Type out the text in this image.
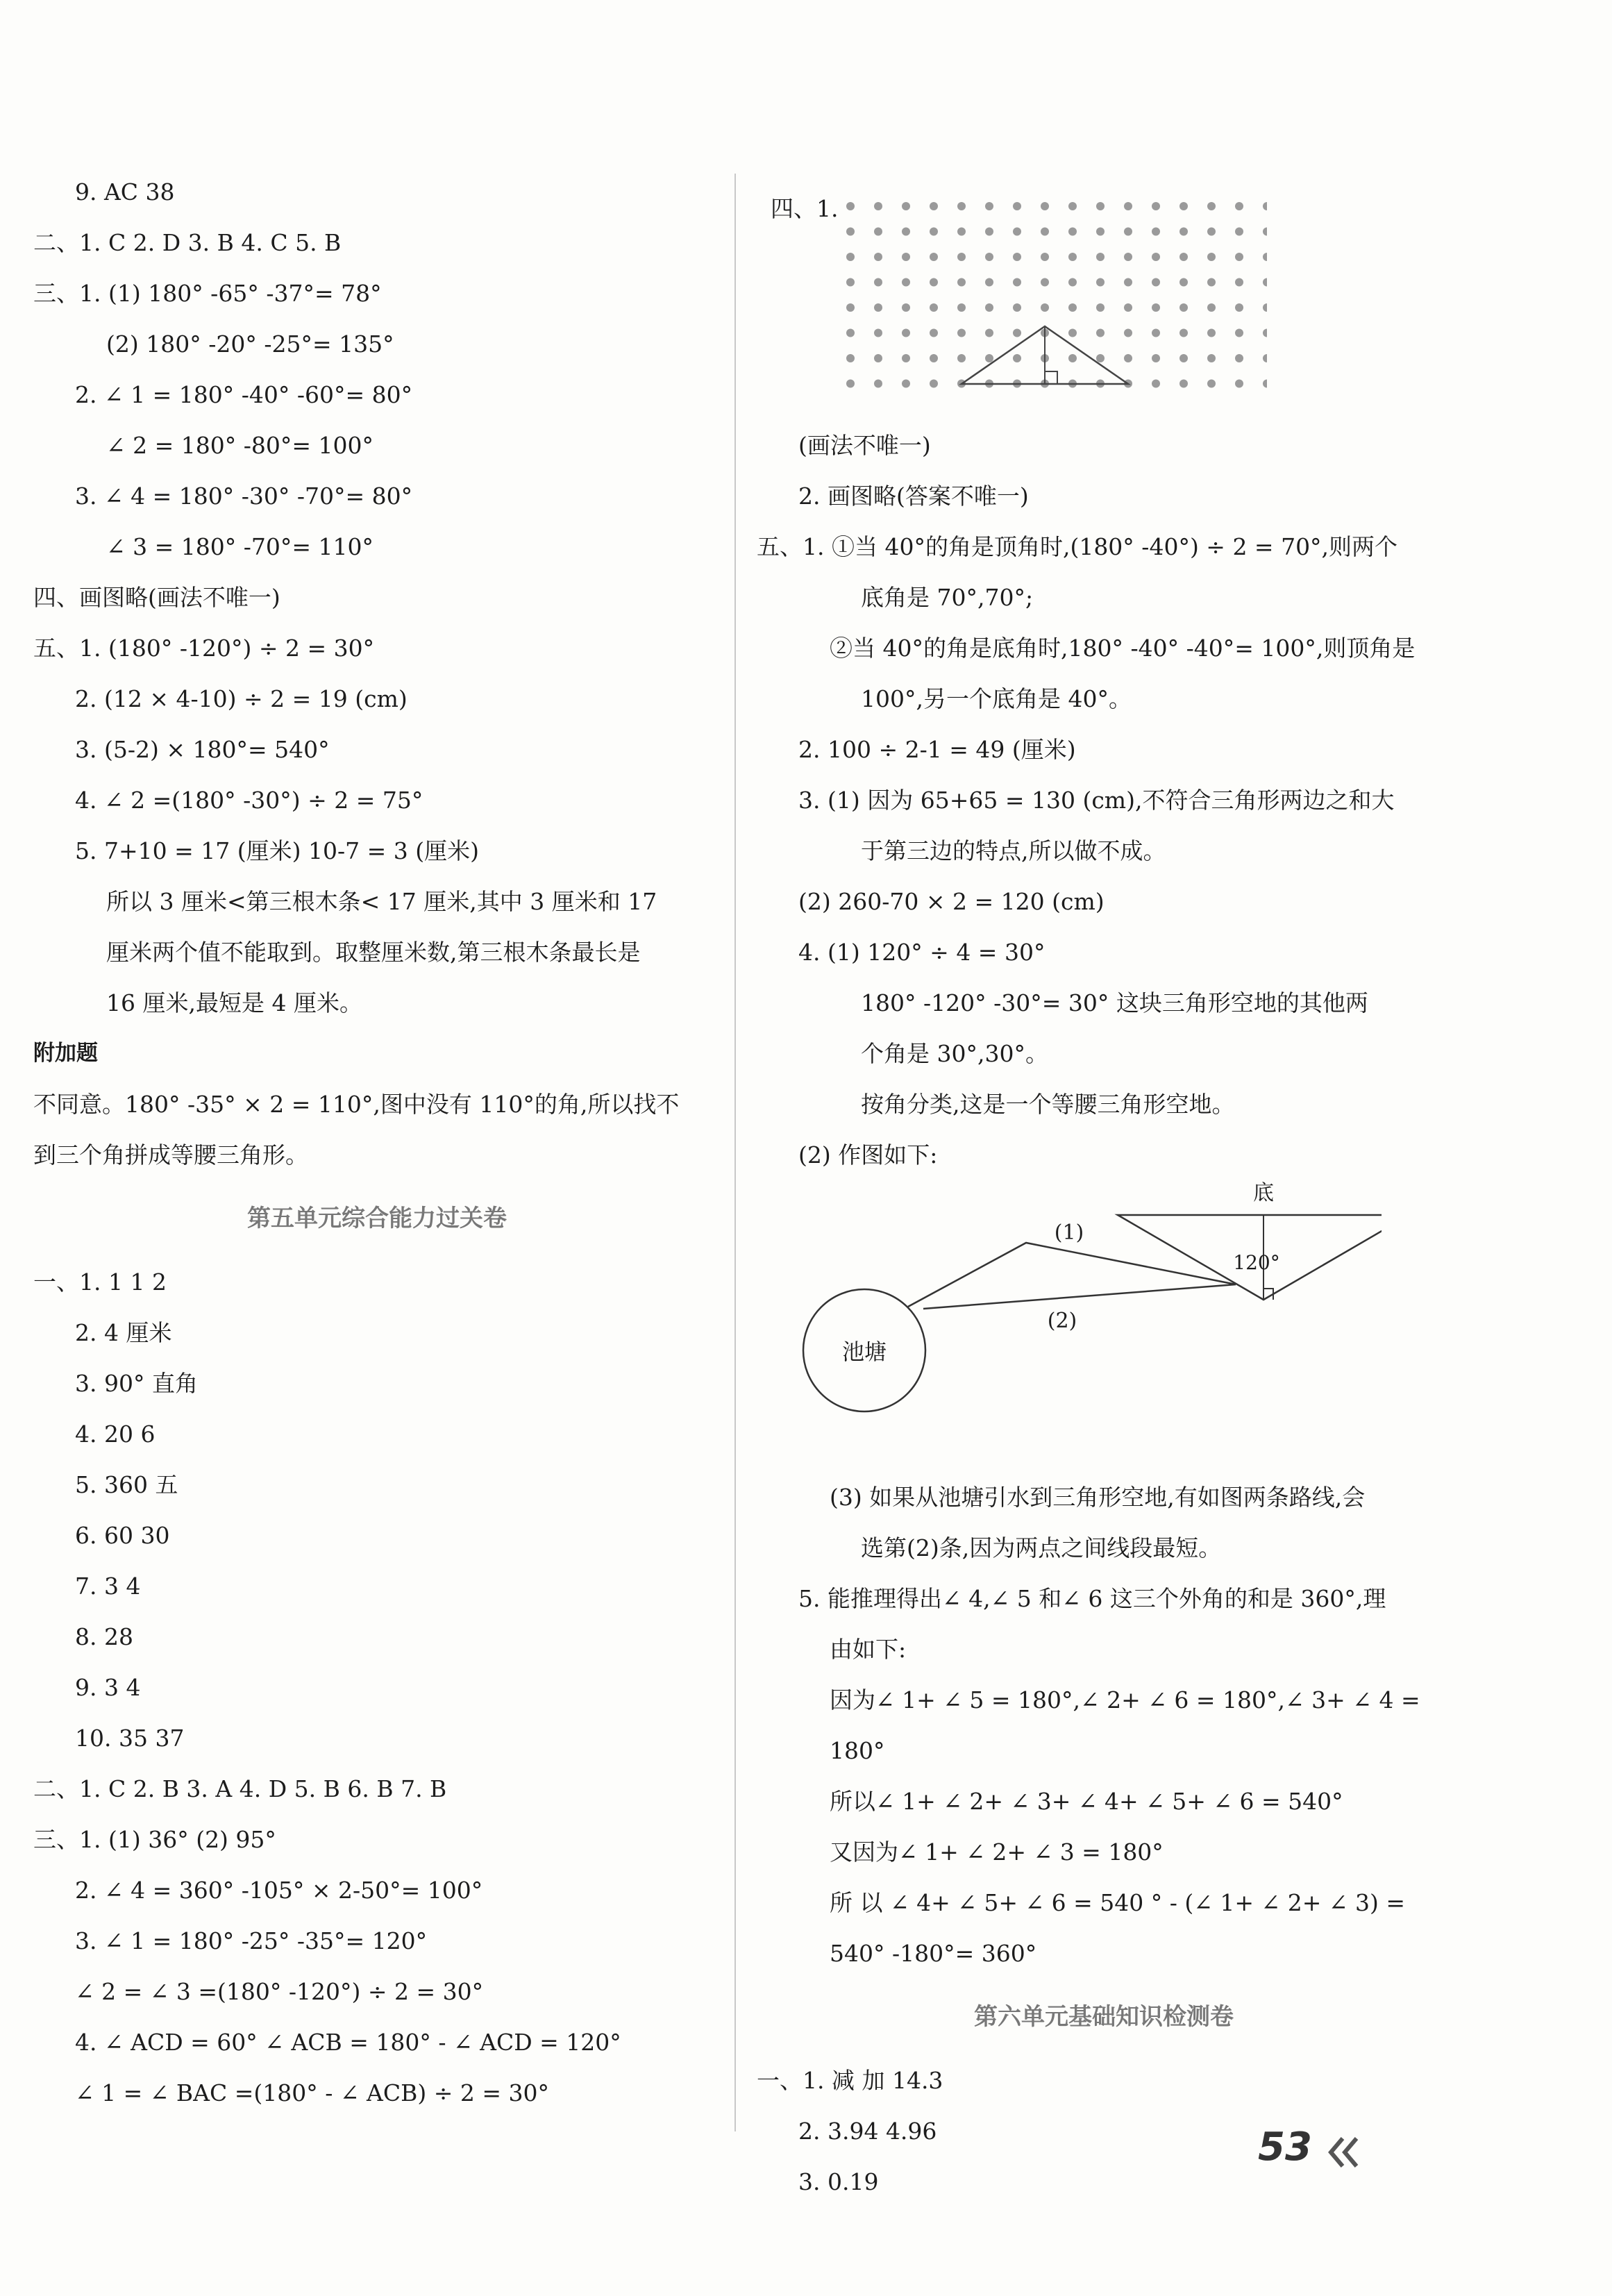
9. AC 38
二、1. C 2. D 3. B 4. C 5. B
三、1. (1) 180° -65° -37°= 78°
(2) 180° -20° -25°= 135°
2. ∠ 1 = 180° -40° -60°= 80°
∠ 2 = 180° -80°= 100°
3. ∠ 4 = 180° -30° -70°= 80°
∠ 3 = 180° -70°= 110°
四、画图略(画法不唯一)
五、1. (180° -120°) ÷ 2 = 30°
2. (12 × 4-10) ÷ 2 = 19 (cm)
3. (5-2) × 180°= 540°
4. ∠ 2 =(180° -30°) ÷ 2 = 75°
5. 7+10 = 17 (厘米) 10-7 = 3 (厘米)
所以 3 厘米<第三根木条< 17 厘米,其中 3 厘米和 17
厘米两个值不能取到。取整厘米数,第三根木条最长是
16 厘米,最短是 4 厘米。
附加题
不同意。180° -35° × 2 = 110°,图中没有 110°的角,所以找不
到三个角拼成等腰三角形。
第五单元综合能力过关卷
一、1. 1 1 2
2. 4 厘米
3. 90° 直角
4. 20 6
5. 360 五
6. 60 30
7. 3 4
8. 28
9. 3 4
10. 35 37
二、1. C 2. B 3. A 4. D 5. B 6. B 7. B
三、1. (1) 36° (2) 95°
2. ∠ 4 = 360° -105° × 2-50°= 100°
3. ∠ 1 = 180° -25° -35°= 120°
∠ 2 = ∠ 3 =(180° -120°) ÷ 2 = 30°
4. ∠ ACD = 60° ∠ ACB = 180° - ∠ ACD = 120°
∠ 1 = ∠ BAC =(180° - ∠ ACB) ÷ 2 = 30°
四、1.
(画法不唯一)
2. 画图略(答案不唯一)
五、1. ①当 40°的角是顶角时,(180° -40°) ÷ 2 = 70°,则两个
底角是 70°,70°;
②当 40°的角是底角时,180° -40° -40°= 100°,则顶角是
100°,另一个底角是 40°。
2. 100 ÷ 2-1 = 49 (厘米)
3. (1) 因为 65+65 = 130 (cm),不符合三角形两边之和大
于第三边的特点,所以做不成。
(2) 260-70 × 2 = 120 (cm)
4. (1) 120° ÷ 4 = 30°
180° -120° -30°= 30° 这块三角形空地的其他两
个角是 30°,30°。
按角分类,这是一个等腰三角形空地。
(2) 作图如下:
池塘
底
(1)
(2)
120°
(3) 如果从池塘引水到三角形空地,有如图两条路线,会
选第(2)条,因为两点之间线段最短。
5. 能推理得出∠ 4,∠ 5 和∠ 6 这三个外角的和是 360°,理
由如下:
因为∠ 1+ ∠ 5 = 180°,∠ 2+ ∠ 6 = 180°,∠ 3+ ∠ 4 =
180°
所以∠ 1+ ∠ 2+ ∠ 3+ ∠ 4+ ∠ 5+ ∠ 6 = 540°
又因为∠ 1+ ∠ 2+ ∠ 3 = 180°
所 以 ∠ 4+ ∠ 5+ ∠ 6 = 540 ° - (∠ 1+ ∠ 2+ ∠ 3) =
540° -180°= 360°
第六单元基础知识检测卷
一、1. 减 加 14.3
2. 3.94 4.96
3. 0.19
53
